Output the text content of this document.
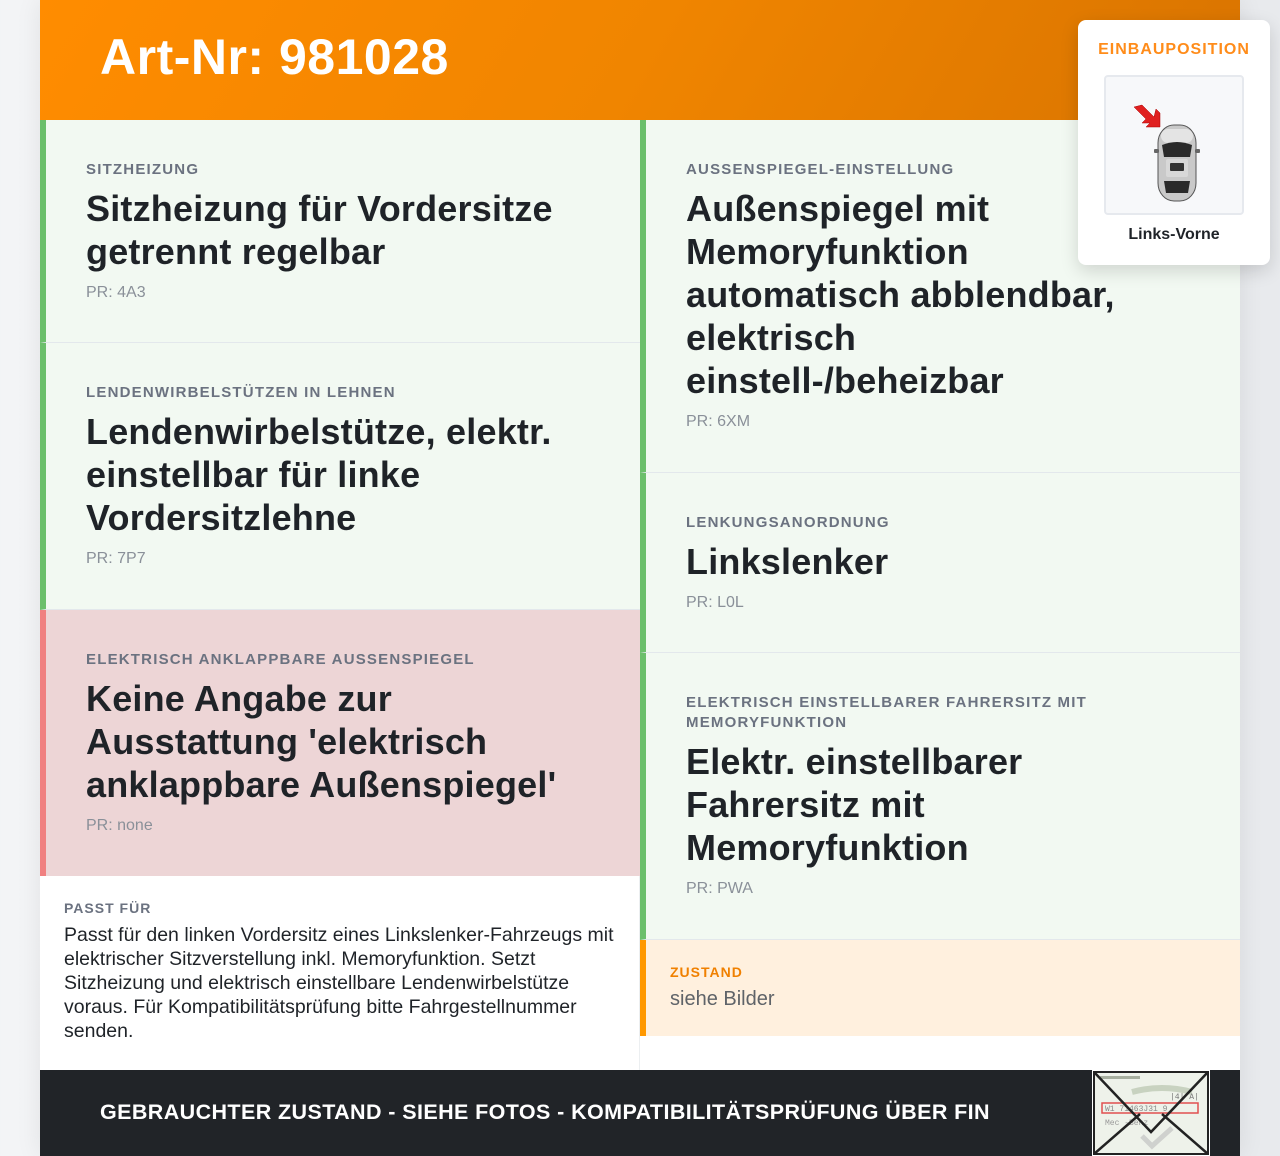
Art-Nr: 981028
SITZHEIZUNG
Sitzheizung für Vordersitze getrennt regelbar
PR: 4A3
LENDENWIRBELSTÜTZEN IN LEHNEN
Lendenwirbelstütze, elektr. einstellbar für linke Vordersitzlehne
PR: 7P7
ELEKTRISCH ANKLAPPBARE AUSSENSPIEGEL
Keine Angabe zur Ausstattung 'elektrisch anklappbare Außenspiegel'
PR: none
PASST FÜR
Passt für den linken Vordersitz eines Linkslenker-Fahrzeugs mit elektrischer Sitzverstellung inkl. Memoryfunktion. Setzt Sitzheizung und elektrisch einstellbare Lendenwirbelstütze voraus. Für Kompatibilitätsprüfung bitte Fahrgestellnummer senden.
AUSSENSPIEGEL-EINSTELLUNG
Außenspiegel mit Memoryfunktion automatisch abblendbar, elektrisch einstell-/beheizbar
PR: 6XM
LENKUNGSANORDNUNG
Linkslenker
PR: L0L
ELEKTRISCH EINSTELLBARER FAHRERSITZ MIT MEMORYFUNKTION
Elektr. einstellbarer Fahrersitz mit Memoryfunktion
PR: PWA
ZUSTAND
siehe Bilder
GEBRAUCHTER ZUSTAND - SIEHE FOTOS - KOMPATIBILITÄTSPRÜFUNG ÜBER FIN
|4| A|
W1 71463J31 9
Mec -Benz
EINBAUPOSITION
Links-Vorne
